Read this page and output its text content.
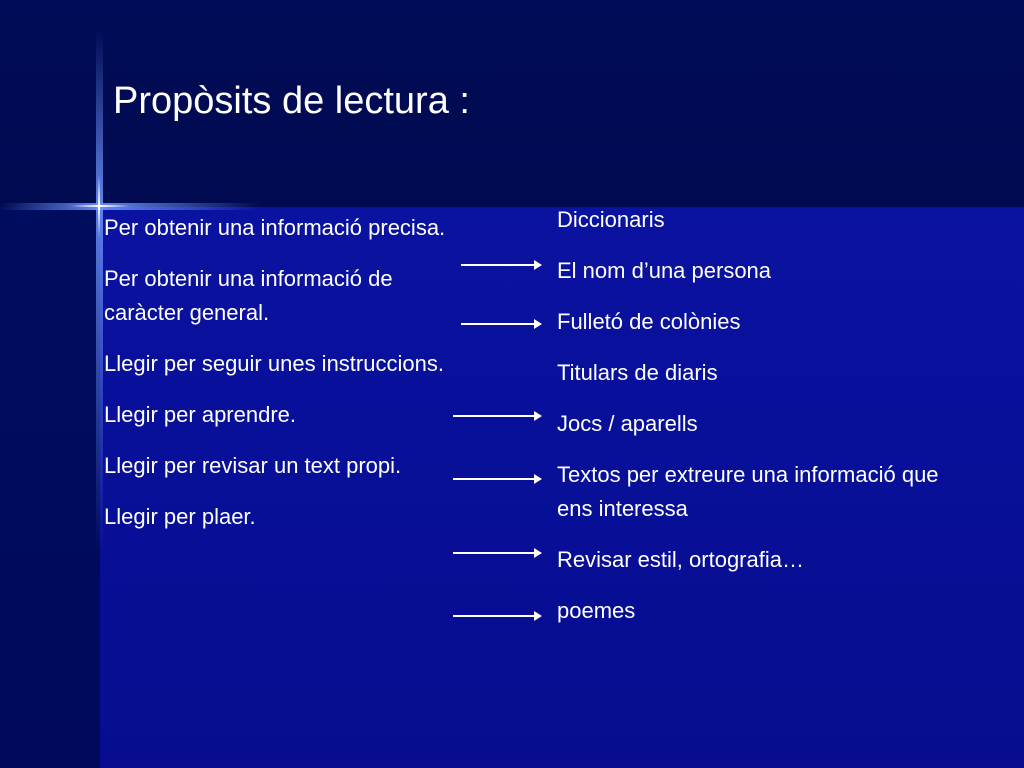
Propòsits de lectura :
Per obtenir una informació precisa.
Per obtenir una informació de caràcter general.
Llegir per seguir unes instruccions.
Llegir per aprendre.
Llegir per revisar un text propi.
Llegir per plaer.
Diccionaris
El nom d’una persona
Fulletó de colònies
Titulars de diaris
Jocs / aparells
Textos per extreure una informació que ens interessa
Revisar estil, ortografia…
poemes
